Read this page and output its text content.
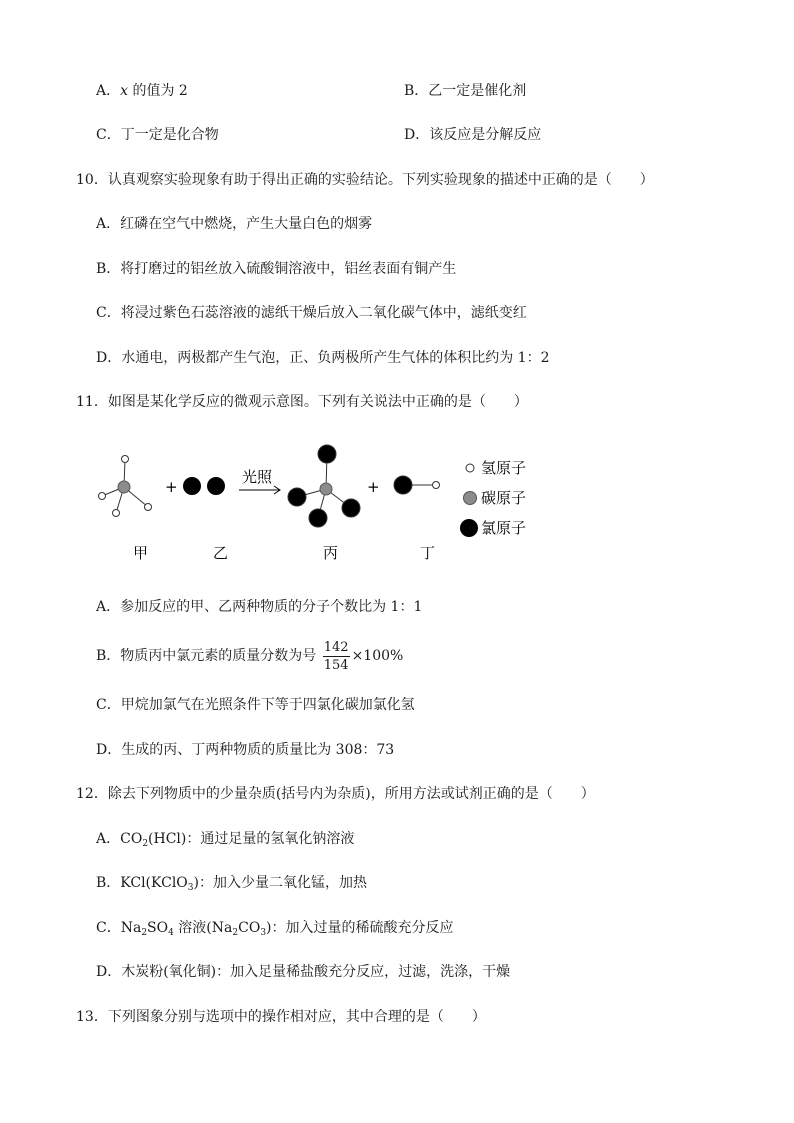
A．x 的值为 2	B．乙一定是催化剂
C．丁一定是化合物	D．该反应是分解反应
10．认真观察实验现象有助于得出正确的实验结论。下列实验现象的描述中正确的是（　　）
A．红磷在空气中燃烧，产生大量白色的烟雾
B．将打磨过的铝丝放入硫酸铜溶液中，铝丝表面有铜产生
C．将浸过紫色石蕊溶液的滤纸干燥后放入二氧化碳气体中，滤纸变红
D．水通电，两极都产生气泡，正、负两极所产生气体的体积比约为 1：2
11．如图是某化学反应的微观示意图。下列有关说法中正确的是（　　）
+
光照
+
氢原子
碳原子
氯原子
甲	乙	丙	丁
A．参加反应的甲、乙两种物质的分子个数比为 1：1
B．物质丙中氯元素的质量分数为号 $\frac{142}{154} \times 100\%$
C．甲烷加氯气在光照条件下等于四氯化碳加氯化氢
D．生成的丙、丁两种物质的质量比为 308：73
12．除去下列物质中的少量杂质(括号内为杂质)，所用方法或试剂正确的是（　　）
A．$CO_2(HCl)$：通过足量的氢氧化钠溶液
B．KCl(KClO$_3$)：加入少量二氧化锰，加热
C．$Na_2SO_4$ 溶液$(Na_2CO_3)$：加入过量的稀硫酸充分反应
D．木炭粉(氧化铜)：加入足量稀盐酸充分反应，过滤，洗涤，干燥
13．下列图象分别与选项中的操作相对应，其中合理的是（　　）
